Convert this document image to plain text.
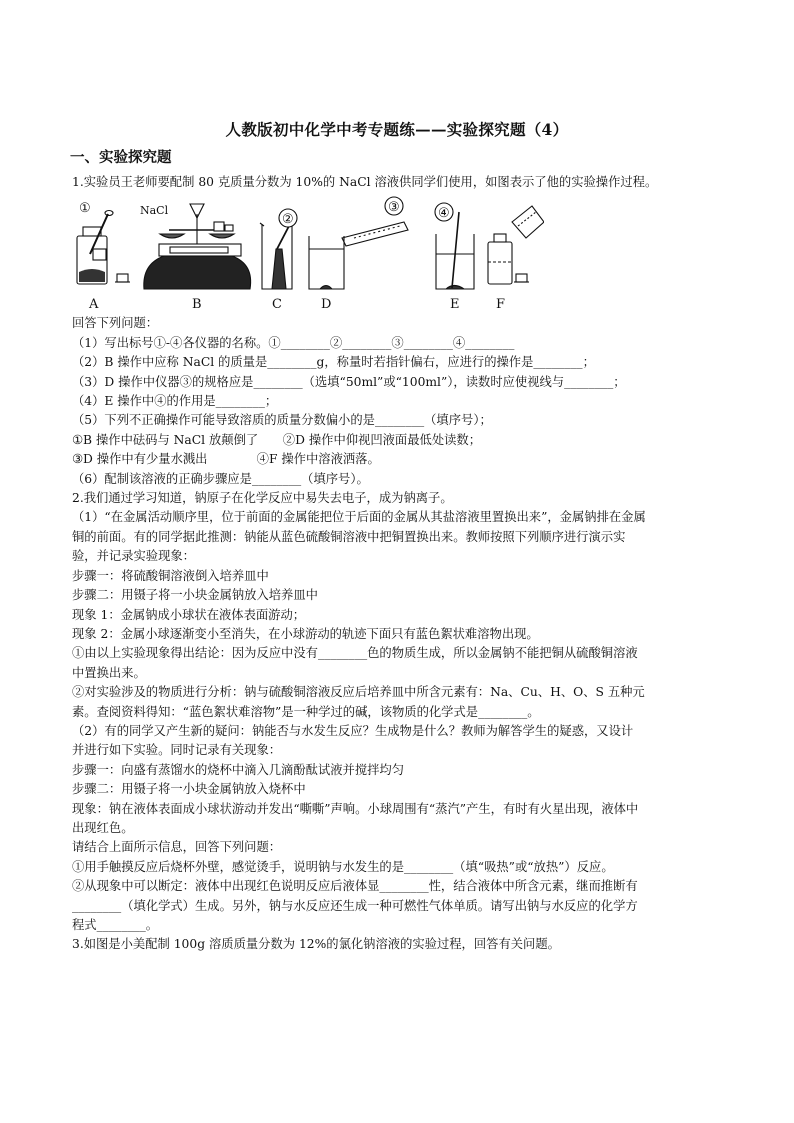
人教版初中化学中考专题练——实验探究题（4）
一、实验探究题

1.实验员王老师要配制 80 克质量分数为 10%的 NaCl 溶液供同学们使用，如图表示了他的实验操作过程。

①
②
③	④
NaCl
A	B	C	D	E	F

回答下列问题：

（1）写出标号①-④各仪器的名称。①________②________③________④________

（2）B 操作中应称 NaCl 的质量是________g，称量时若指针偏右，应进行的操作是________；

（3）D 操作中仪器③的规格应是________（选填“50ml”或“100ml”），读数时应使视线与________；

（4）E 操作中④的作用是________；

（5）下列不正确操作可能导致溶质的质量分数偏小的是________（填序号）；

①B 操作中砝码与 NaCl 放颠倒了　　②D 操作中仰视凹液面最低处读数；

③D 操作中有少量水溅出　　　　④F 操作中溶液洒落。

（6）配制该溶液的正确步骤应是________（填序号）。

2.我们通过学习知道，钠原子在化学反应中易失去电子，成为钠离子。

（1）“在金属活动顺序里，位于前面的金属能把位于后面的金属从其盐溶液里置换出来”，金属钠排在金属

铜的前面。有的同学据此推测：钠能从蓝色硫酸铜溶液中把铜置换出来。教师按照下列顺序进行演示实

验，并记录实验现象：

步骤一：将硫酸铜溶液倒入培养皿中

步骤二：用镊子将一小块金属钠放入培养皿中

现象 1：金属钠成小球状在液体表面游动；

现象 2：金属小球逐渐变小至消失，在小球游动的轨迹下面只有蓝色絮状难溶物出现。

①由以上实验现象得出结论：因为反应中没有________色的物质生成，所以金属钠不能把铜从硫酸铜溶液

中置换出来。

②对实验涉及的物质进行分析：钠与硫酸铜溶液反应后培养皿中所含元素有：Na、Cu、H、O、S 五种元

素。查阅资料得知：“蓝色絮状难溶物”是一种学过的碱，该物质的化学式是________。

（2）有的同学又产生新的疑问：钠能否与水发生反应？生成物是什么？教师为解答学生的疑惑，又设计

并进行如下实验。同时记录有关现象：

步骤一：向盛有蒸馏水的烧杯中滴入几滴酚酞试液并搅拌均匀

步骤二：用镊子将一小块金属钠放入烧杯中

现象：钠在液体表面成小球状游动并发出“嘶嘶”声响。小球周围有“蒸汽”产生，有时有火星出现，液体中

出现红色。

请结合上面所示信息，回答下列问题：

①用手触摸反应后烧杯外壁，感觉烫手，说明钠与水发生的是________（填“吸热”或“放热”）反应。

②从现象中可以断定：液体中出现红色说明反应后液体显________性，结合液体中所含元素，继而推断有

________（填化学式）生成。另外，钠与水反应还生成一种可燃性气体单质。请写出钠与水反应的化学方

程式________。

3.如图是小美配制 100g 溶质质量分数为 12%的氯化钠溶液的实验过程，回答有关问题。
